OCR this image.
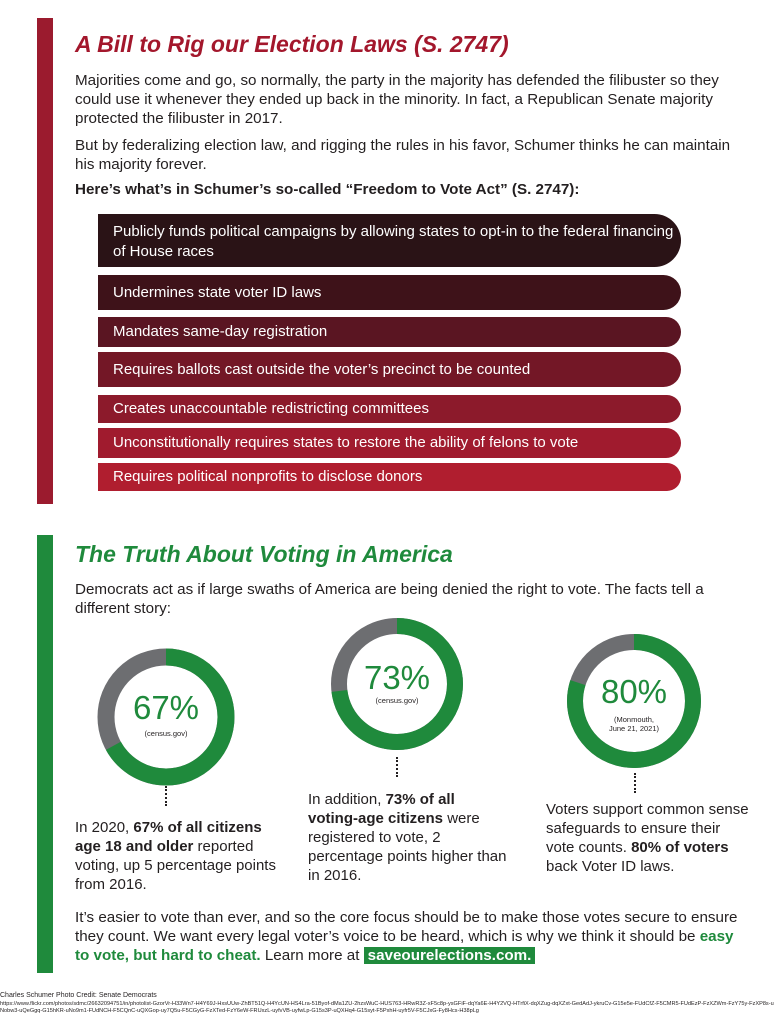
A Bill to Rig our Election Laws (S. 2747)

Majorities come and go, so normally, the party in the majority has defended the filibuster so they could use it whenever they ended up back in the minority. In fact, a Republican Senate majority protected the filibuster in 2017.

But by federalizing election law, and rigging the rules in his favor, Schumer thinks he can maintain his majority forever.

Here’s what’s in Schumer’s so-called “Freedom to Vote Act” (S. 2747):

Publicly funds political campaigns by allowing states to opt-in to the federal financing of House races
Undermines state voter ID laws
Mandates same-day registration
Requires ballots cast outside the voter’s precinct to be counted
Creates unaccountable redistricting committees
Unconstitutionally requires states to restore the ability of felons to vote
Requires political nonprofits to disclose donors
The Truth About Voting in America

Democrats act as if large swaths of America are being denied the right to vote. The facts tell a different story:

67%
(census.gov)
73%
(census.gov)	80%
(Monmouth,
June 21, 2021)

In 2020, 67% of all citizens age 18 and older reported voting, up 5 percentage points from 2016.

In addition, 73% of all voting-age citizens were registered to vote, 2 percentage points higher than in 2016.

Voters support common sense safeguards to ensure their vote counts. 80% of voters back Voter ID laws.

It’s easier to vote than ever, and so the core focus should be to make those votes secure to ensure they count. We want every legal voter’s voice to be heard, which is why we think it should be easy to vote, but hard to cheat. Learn more at saveourelections.com.

Charles Schumer Photo Credit: Senate Democrats

https://www.flickr.com/photos/sdmc/26632094751/in/photolist-GzorVr-H33Wn7-H4Y69J-HxsUUw-ZhBT51Q-H4YcUN-HS4Lra-51Byof-dMa1ZU-2hzsWuC-HUS763-HRwR3Z-xF5c8p-ysGFiF-dqYa6E-H4Y2VQ-HTrfiX-dqXZug-dqXZxt-GedAdJ-ykruCv-G15e5e-FUdCfZ-F5CMR5-FUdEzP-FzXZWm-FzY75y-FzXP8s-uNobw3-uQeGgq-G15hKR-uNo9m1-FUdNCH-F5CQnC-uQXGop-uy7Q5u-F5CGyG-FzXTed-FzY6eW-FRUxzL-uyfvVB-uyfwLp-G15s3P-uQXHq4-G15syt-F5PxhH-uyfr5V-F5CJxG-Fy8Hcs-H38pLg
